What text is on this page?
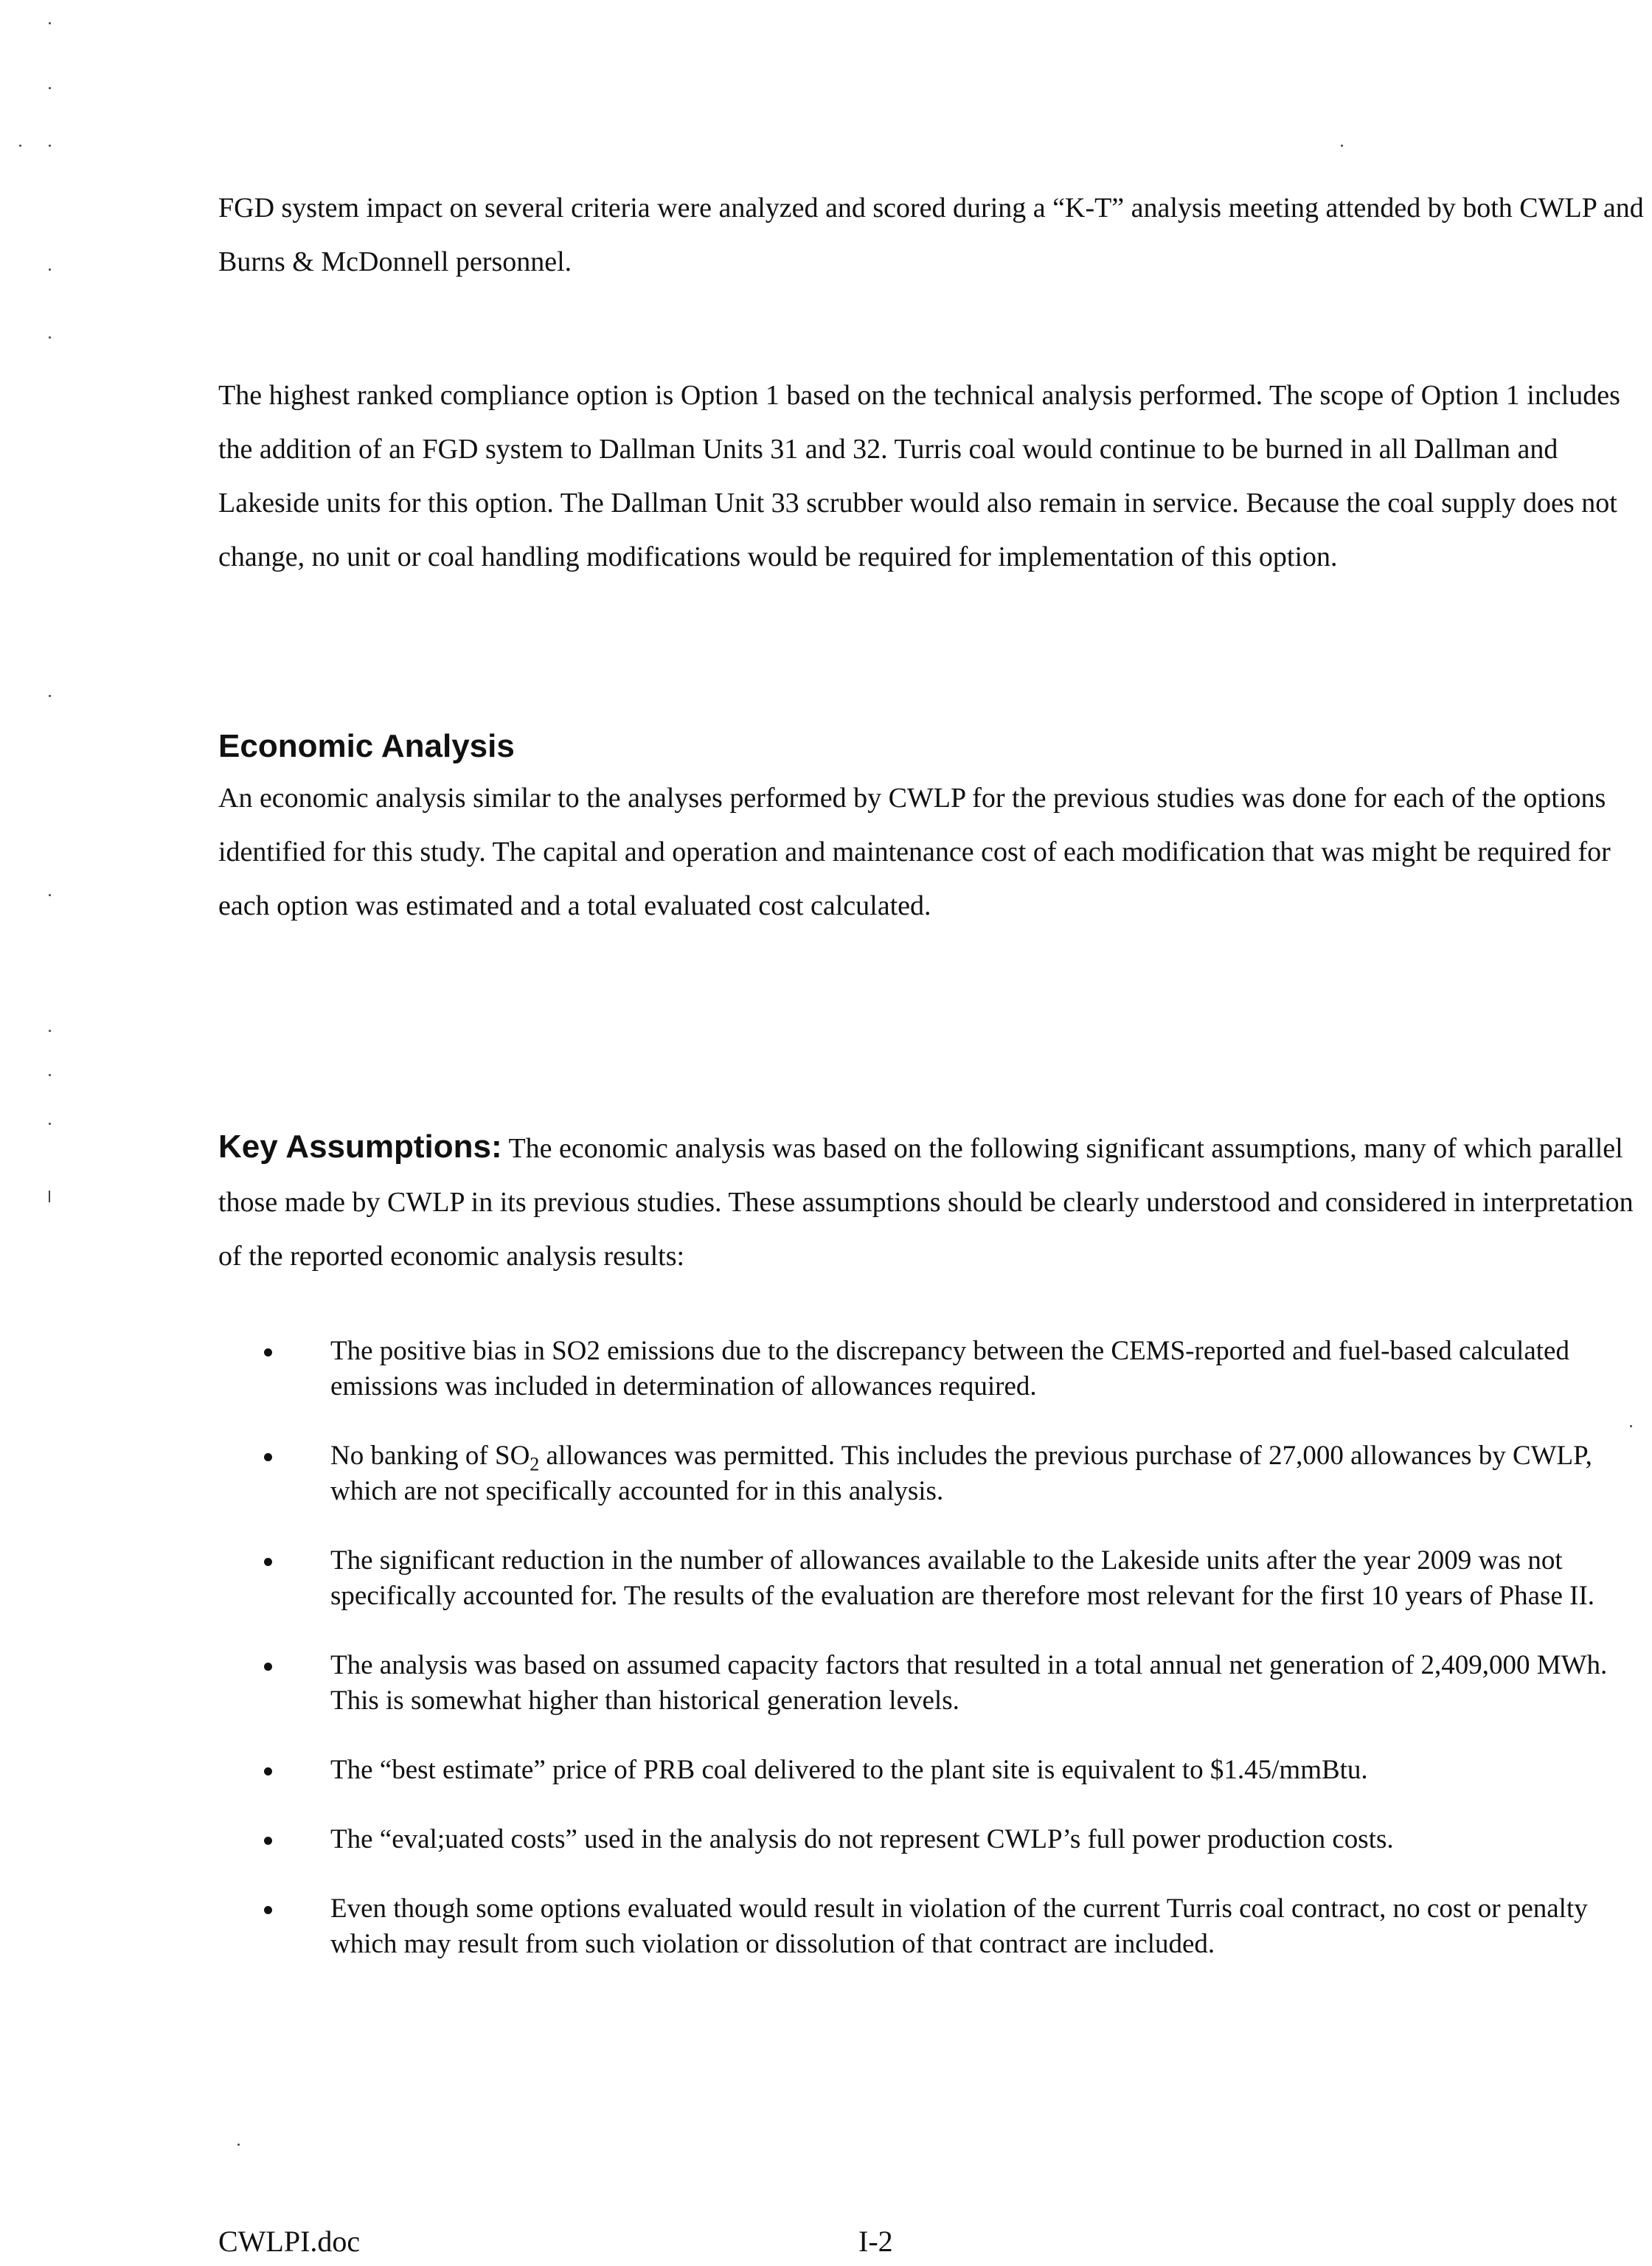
FGD system impact on several criteria were analyzed and scored during a “K-T” analysis meeting attended by both CWLP and Burns & McDonnell personnel.

The highest ranked compliance option is Option 1 based on the technical analysis performed. The scope of Option 1 includes the addition of an FGD system to Dallman Units 31 and 32. Turris coal would continue to be burned in all Dallman and Lakeside units for this option. The Dallman Unit 33 scrubber would also remain in service. Because the coal supply does not change, no unit or coal handling modifications would be required for implementation of this option.

Economic Analysis

An economic analysis similar to the analyses performed by CWLP for the previous studies was done for each of the options identified for this study. The capital and operation and maintenance cost of each modification that was might be required for each option was estimated and a total evaluated cost calculated.

Key Assumptions: The economic analysis was based on the following significant assumptions, many of which parallel those made by CWLP in its previous studies. These assumptions should be clearly understood and considered in interpretation of the reported economic analysis results:

The positive bias in SO2 emissions due to the discrepancy between the CEMS-reported and fuel-based calculated emissions was included in determination of allowances required.
No banking of $SO_2$ allowances was permitted. This includes the previous purchase of 27,000 allowances by CWLP, which are not specifically accounted for in this analysis.
The significant reduction in the number of allowances available to the Lakeside units after the year 2009 was not specifically accounted for. The results of the evaluation are therefore most relevant for the first 10 years of Phase II.
The analysis was based on assumed capacity factors that resulted in a total annual net generation of 2,409,000 MWh. This is somewhat higher than historical generation levels.
The “best estimate” price of PRB coal delivered to the plant site is equivalent to $1.45/mmBtu.
The “eval;uated costs” used in the analysis do not represent CWLP’s full power production costs.
Even though some options evaluated would result in violation of the current Turris coal contract, no cost or penalty which may result from such violation or dissolution of that contract are included.
CWLPI.doc	I-2
